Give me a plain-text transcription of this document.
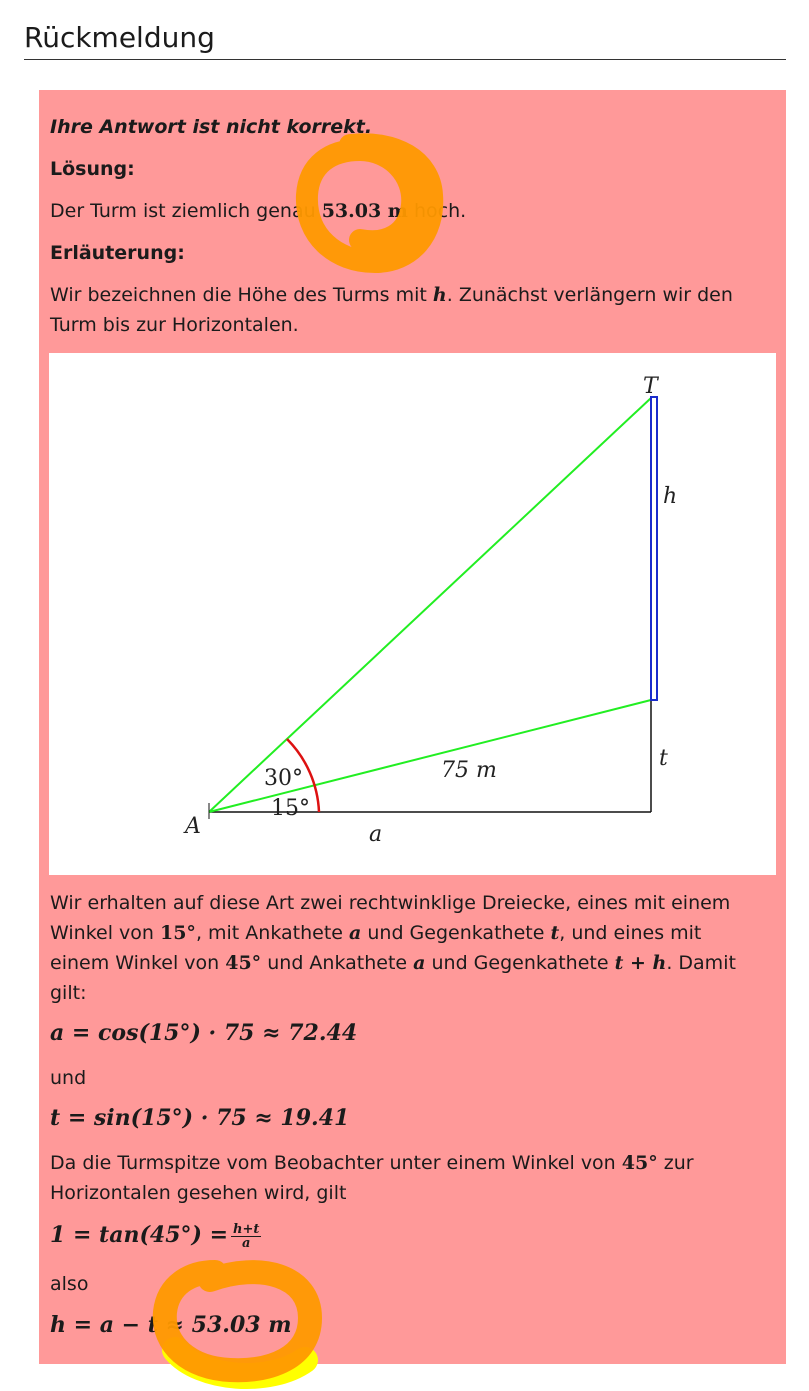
Rückmeldung
Ihre Antwort ist nicht korrekt.
Lösung:
Der Turm ist ziemlich genau 53.03 m hoch.
Erläuterung:
Wir bezeichnen die Höhe des Turms mit h. Zunächst verlängern wir den
Turm bis zur Horizontalen.
T
h
t
A	a
75 m
30°
15°
Wir erhalten auf diese Art zwei rechtwinklige Dreiecke, eines mit einem
Winkel von 15°, mit Ankathete a und Gegenkathete t, und eines mit
einem Winkel von 45° und Ankathete a und Gegenkathete t + h. Damit
gilt:
a = cos(15°) · 75 ≈ 72.44
und
t = sin(15°) · 75 ≈ 19.41
Da die Turmspitze vom Beobachter unter einem Winkel von 45° zur
Horizontalen gesehen wird, gilt
$1 = \tan(45^\circ) = \frac{h+t}{a}$
also
h = a − t ≈ 53.03 m
